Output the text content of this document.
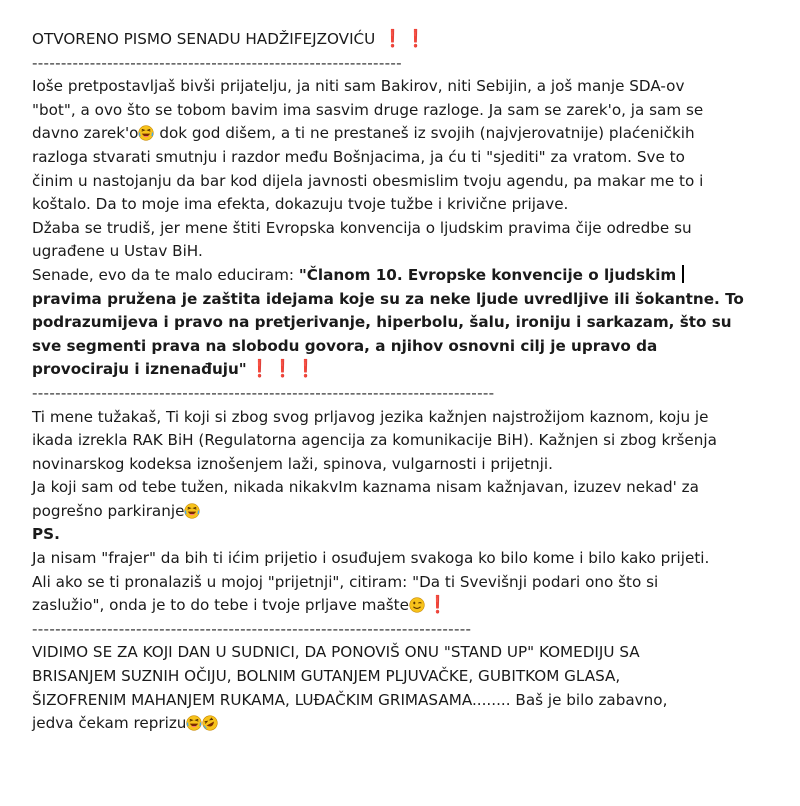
OTVORENO PISMO SENADU HADŽIFEJZOVIĆU ❗ ❗
----------------------------------------------------------------
Ioše pretpostavljaš bivši prijatelju, ja niti sam Bakirov, niti Sebijin, a još manje SDA-ov
"bot", a ovo što se tobom bavim ima sasvim druge razloge. Ja sam se zarek'o, ja sam se
davno zarek'o dok god dišem, a ti ne prestaneš iz svojih (najvjerovatnije) plaćeničkih
razloga stvarati smutnju i razdor među Bošnjacima, ja ću ti "sjediti" za vratom. Sve to
činim u nastojanju da bar kod dijela javnosti obesmislim tvoju agendu, pa makar me to i
koštalo. Da to moje ima efekta, dokazuju tvoje tužbe i krivične prijave.
Džaba se trudiš, jer mene štiti Evropska konvencija o ljudskim pravima čije odredbe su
ugrađene u Ustav BiH.
Senade, evo da te malo educiram: "Članom 10. Evropske konvencije o ljudskim
pravima pružena je zaštita idejama koje su za neke ljude uvredljive ili šokantne. To
podrazumijeva i pravo na pretjerivanje, hiperbolu, šalu, ironiju i sarkazam, što su
sve segmenti prava na slobodu govora, a njihov osnovni cilj je upravo da
provociraju i iznenađuju" ❗ ❗ ❗
--------------------------------------------------------------------------------
Ti mene tužakaš, Ti koji si zbog svog prljavog jezika kažnjen najstrožijom kaznom, koju je
ikada izrekla RAK BiH (Regulatorna agencija za komunikacije BiH). Kažnjen si zbog kršenja
novinarskog kodeksa iznošenjem laži, spinova, vulgarnosti i prijetnji.
Ja koji sam od tebe tužen, nikada nikakvIm kaznama nisam kažnjavan, izuzev nekad' za
pogrešno parkiranje
PS.
Ja nisam "frajer" da bih ti ićim prijetio i osuđujem svakoga ko bilo kome i bilo kako prijeti.
Ali ako se ti pronalaziš u mojoj "prijetnji", citiram: "Da ti Svevišnji podari ono što si
zaslužio", onda je to do tebe i tvoje prljave mašte ❗
----------------------------------------------------------------------------
VIDIMO SE ZA KOJI DAN U SUDNICI, DA PONOVIŠ ONU "STAND UP" KOMEDIJU SA
BRISANJEM SUZNIH OČIJU, BOLNIM GUTANJEM PLJUVAČKE, GUBITKOM GLASA,
ŠIZOFRENIM MAHANJEM RUKAMA, LUĐAČKIM GRIMASAMA........ Baš je bilo zabavno,
jedva čekam reprizu
